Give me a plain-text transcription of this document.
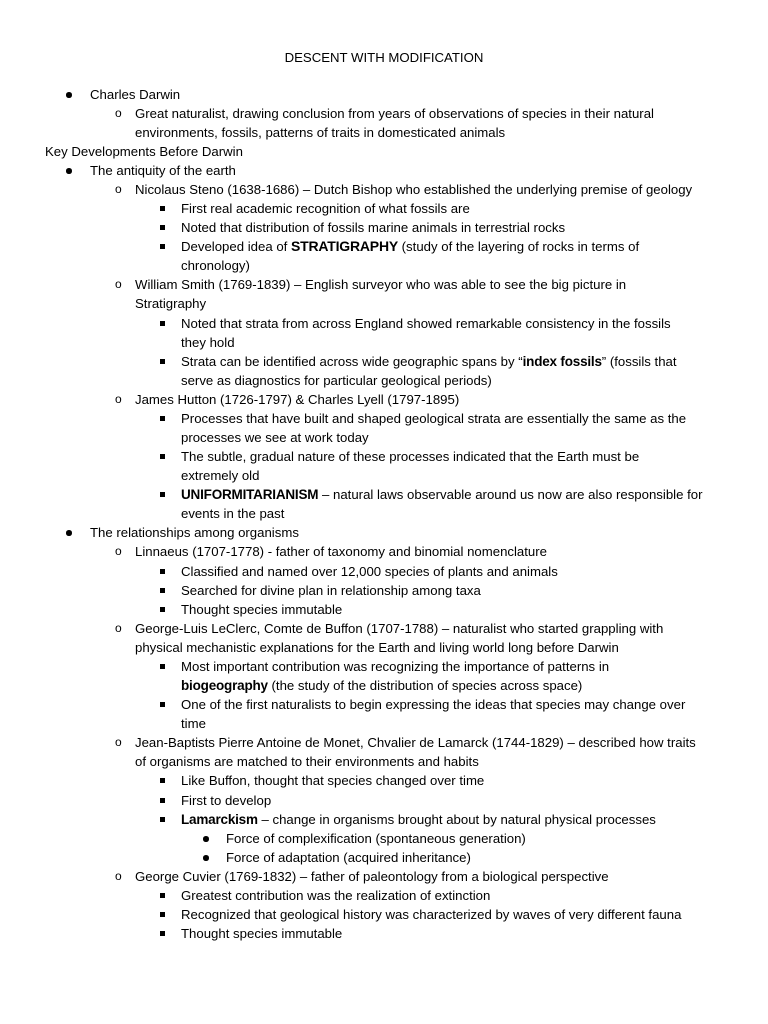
DESCENT WITH MODIFICATION
Charles Darwin
o Great naturalist, drawing conclusion from years of observations of species in their natural
environments, fossils, patterns of traits in domesticated animals
Key Developments Before Darwin
The antiquity of the earth
o Nicolaus Steno (1638-1686) – Dutch Bishop who established the underlying premise of geology
First real academic recognition of what fossils are
Noted that distribution of fossils marine animals in terrestrial rocks
Developed idea of STRATIGRAPHY (study of the layering of rocks in terms of
chronology)
o William Smith (1769-1839) – English surveyor who was able to see the big picture in
Stratigraphy
Noted that strata from across England showed remarkable consistency in the fossils
they hold
Strata can be identified across wide geographic spans by “index fossils” (fossils that
serve as diagnostics for particular geological periods)
o James Hutton (1726-1797) & Charles Lyell (1797-1895)
Processes that have built and shaped geological strata are essentially the same as the
processes we see at work today
The subtle, gradual nature of these processes indicated that the Earth must be
extremely old
UNIFORMITARIANISM – natural laws observable around us now are also responsible for
events in the past
The relationships among organisms
o Linnaeus (1707-1778) - father of taxonomy and binomial nomenclature
Classified and named over 12,000 species of plants and animals
Searched for divine plan in relationship among taxa
Thought species immutable
o George-Luis LeClerc, Comte de Buffon (1707-1788) – naturalist who started grappling with
physical mechanistic explanations for the Earth and living world long before Darwin
Most important contribution was recognizing the importance of patterns in
biogeography (the study of the distribution of species across space)
One of the first naturalists to begin expressing the ideas that species may change over
time
o Jean-Baptists Pierre Antoine de Monet, Chvalier de Lamarck (1744-1829) – described how traits
of organisms are matched to their environments and habits
Like Buffon, thought that species changed over time
First to develop
Lamarckism – change in organisms brought about by natural physical processes
Force of complexification (spontaneous generation)
Force of adaptation (acquired inheritance)
o George Cuvier (1769-1832) – father of paleontology from a biological perspective
Greatest contribution was the realization of extinction
Recognized that geological history was characterized by waves of very different fauna
Thought species immutable
